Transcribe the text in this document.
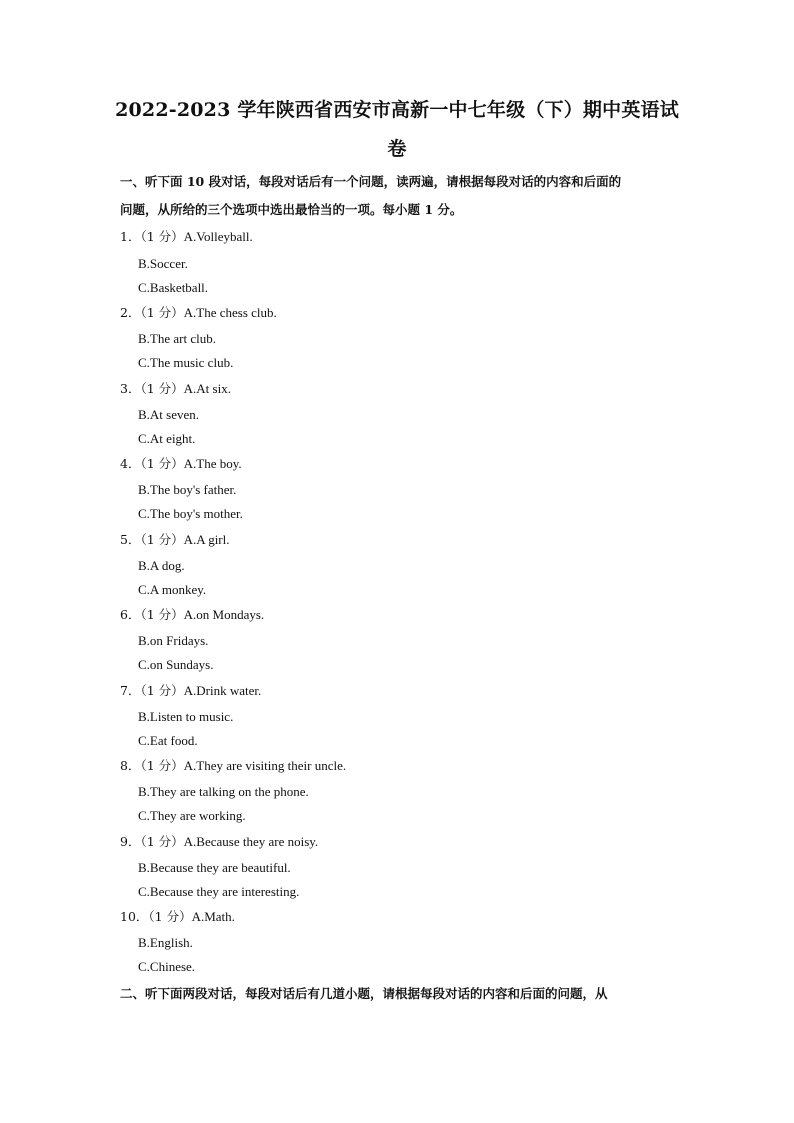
2022-2023 学年陕西省西安市高新一中七年级（下）期中英语试
卷
一、听下面 10 段对话，每段对话后有一个问题，读两遍，请根据每段对话的内容和后面的
问题，从所给的三个选项中选出最恰当的一项。每小题 1 分。
1．（1 分）A.Volleyball.
B.Soccer.
C.Basketball.
2．（1 分）A.The chess club.
B.The art club.
C.The music club.
3．（1 分）A.At six.
B.At seven.
C.At eight.
4．（1 分）A.The boy.
B.The boy's father.
C.The boy's mother.
5．（1 分）A.A girl.
B.A dog.
C.A monkey.
6．（1 分）A.on Mondays.
B.on Fridays.
C.on Sundays.
7．（1 分）A.Drink water.
B.Listen to music.
C.Eat food.
8．（1 分）A.They are visiting their uncle.
B.They are talking on the phone.
C.They are working.
9．（1 分）A.Because they are noisy.
B.Because they are beautiful.
C.Because they are interesting.
10．（1 分）A.Math.
B.English.
C.Chinese.
二、听下面两段对话，每段对话后有几道小题，请根据每段对话的内容和后面的问题，从
